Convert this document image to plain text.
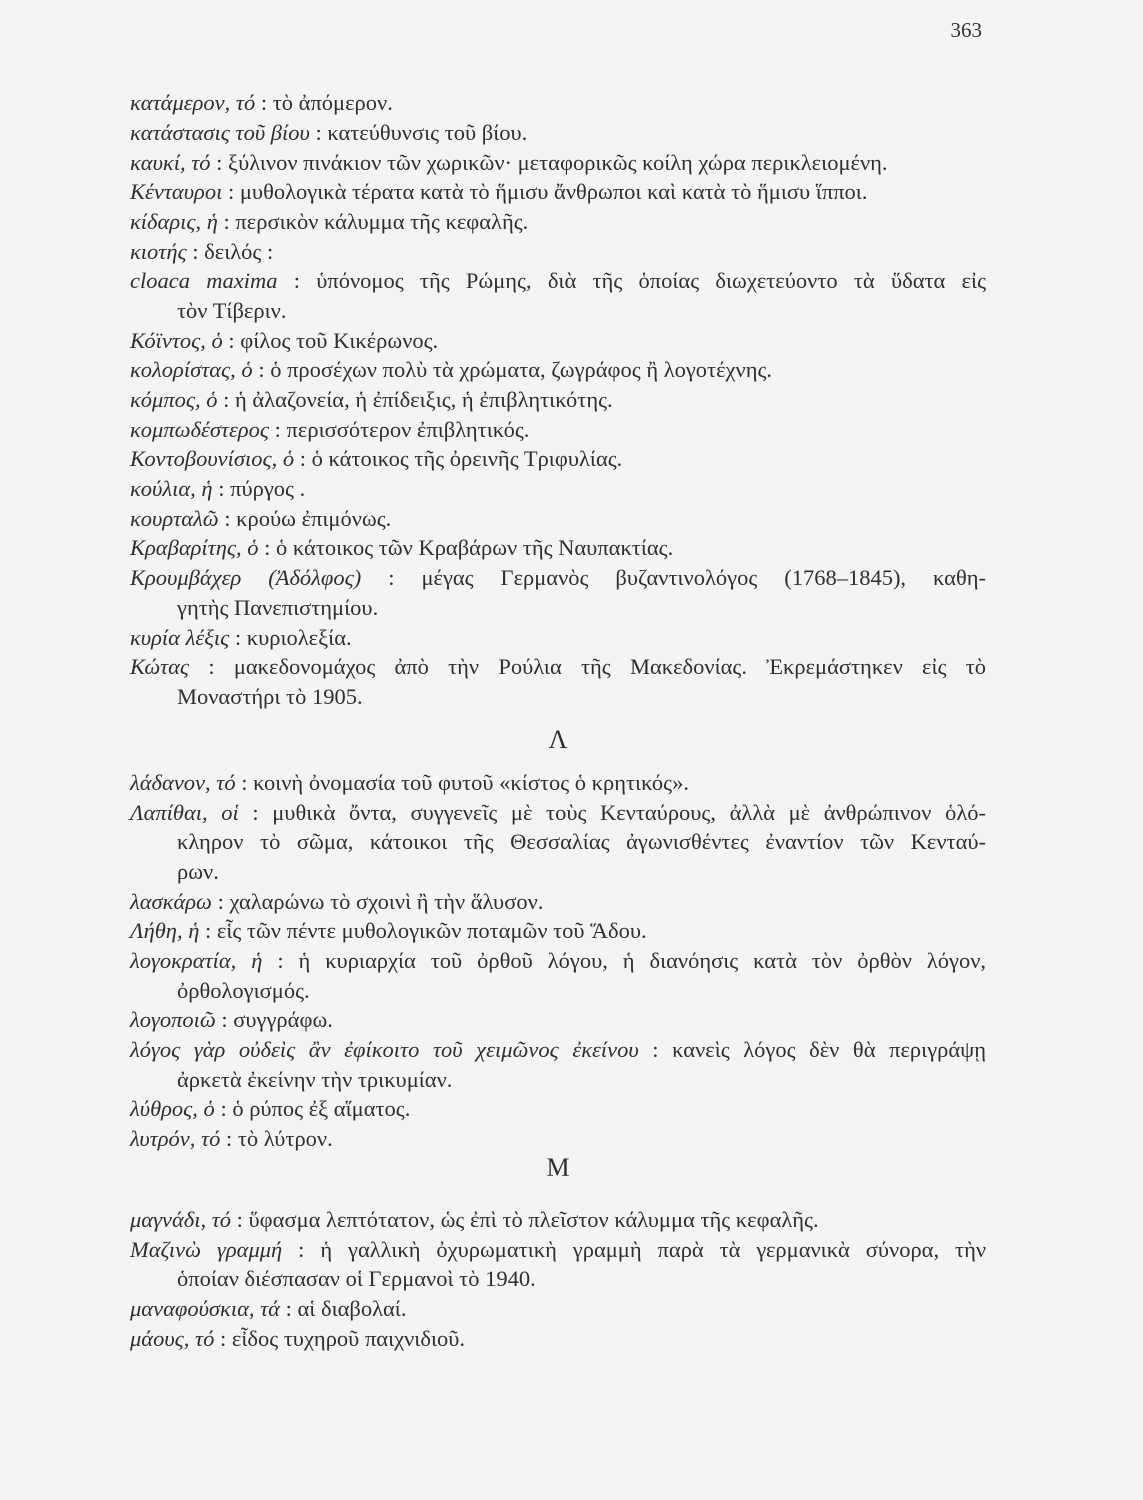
363
κατάμερον, τό : τὸ ἀπόμερον.
κατάστασις τοῦ βίου : κατεύθυνσις τοῦ βίου.
καυκί, τό : ξύλινον πινάκιον τῶν χωρικῶν· μεταφορικῶς κοίλη χώρα περικλειομένη.
Κένταυροι : μυθολογικὰ τέρατα κατὰ τὸ ἥμισυ ἄνθρωποι καὶ κατὰ τὸ ἥμισυ ἵπποι.
κίδαρις, ἡ : περσικὸν κάλυμμα τῆς κεφαλῆς.
κιοτής : δειλός :
cloaca maxima : ὑπόνομος τῆς Ρώμης, διὰ τῆς ὁποίας διωχετεύοντο τὰ ὕδατα εἰς
τὸν Τίβεριν.
Κόϊντος, ὁ : φίλος τοῦ Κικέρωνος.
κολορίστας, ὁ : ὁ προσέχων πολὺ τὰ χρώματα, ζωγράφος ἢ λογοτέχνης.
κόμπος, ὁ : ἡ ἀλαζονεία, ἡ ἐπίδειξις, ἡ ἐπιβλητικότης.
κομπωδέστερος : περισσότερον ἐπιβλητικός.
Κοντοβουνίσιος, ὁ : ὁ κάτοικος τῆς ὀρεινῆς Τριφυλίας.
κούλια, ἡ : πύργος .
κουρταλῶ : κρούω ἐπιμόνως.
Κραβαρίτης, ὁ : ὁ κάτοικος τῶν Κραβάρων τῆς Ναυπακτίας.
Κρουμβάχερ (Ἀδόλφος) : μέγας Γερμανὸς βυζαντινολόγος (1768–1845), καθη-
γητὴς Πανεπιστημίου.
κυρία λέξις : κυριολεξία.
Κώτας : μακεδονομάχος ἀπὸ τὴν Ρούλια τῆς Μακεδονίας. Ἐκρεμάστηκεν εἰς τὸ
Μοναστήρι τὸ 1905.
Λ
λάδανον, τό : κοινὴ ὀνομασία τοῦ φυτοῦ «κίστος ὁ κρητικός».
Λαπίθαι, οἱ : μυθικὰ ὄντα, συγγενεῖς μὲ τοὺς Κενταύρους, ἀλλὰ μὲ ἀνθρώπινον ὁλό-
κληρον τὸ σῶμα, κάτοικοι τῆς Θεσσαλίας ἀγωνισθέντες ἐναντίον τῶν Κενταύ-
ρων.
λασκάρω : χαλαρώνω τὸ σχοινὶ ἢ τὴν ἅλυσον.
Λήθη, ἡ : εἷς τῶν πέντε μυθολογικῶν ποταμῶν τοῦ Ἅδου.
λογοκρατία, ἡ : ἡ κυριαρχία τοῦ ὀρθοῦ λόγου, ἡ διανόησις κατὰ τὸν ὀρθὸν λόγον,
ὀρθολογισμός.
λογοποιῶ : συγγράφω.
λόγος γὰρ οὐδεὶς ἂν ἐφίκοιτο τοῦ χειμῶνος ἐκείνου : κανεὶς λόγος δὲν θὰ περιγράψῃ
ἀρκετὰ ἐκείνην τὴν τρικυμίαν.
λύθρος, ὁ : ὁ ρύπος ἐξ αἵματος.
λυτρόν, τό : τὸ λύτρον.
Μ
μαγνάδι, τό : ὕφασμα λεπτότατον, ὡς ἐπὶ τὸ πλεῖστον κάλυμμα τῆς κεφαλῆς.
Μαζινὼ γραμμή : ἡ γαλλικὴ ὀχυρωματικὴ γραμμὴ παρὰ τὰ γερμανικὰ σύνορα, τὴν
ὁποίαν διέσπασαν οἱ Γερμανοὶ τὸ 1940.
μαναφούσκια, τά : αἱ διαβολαί.
μάους, τό : εἶδος τυχηροῦ παιχνιδιοῦ.
